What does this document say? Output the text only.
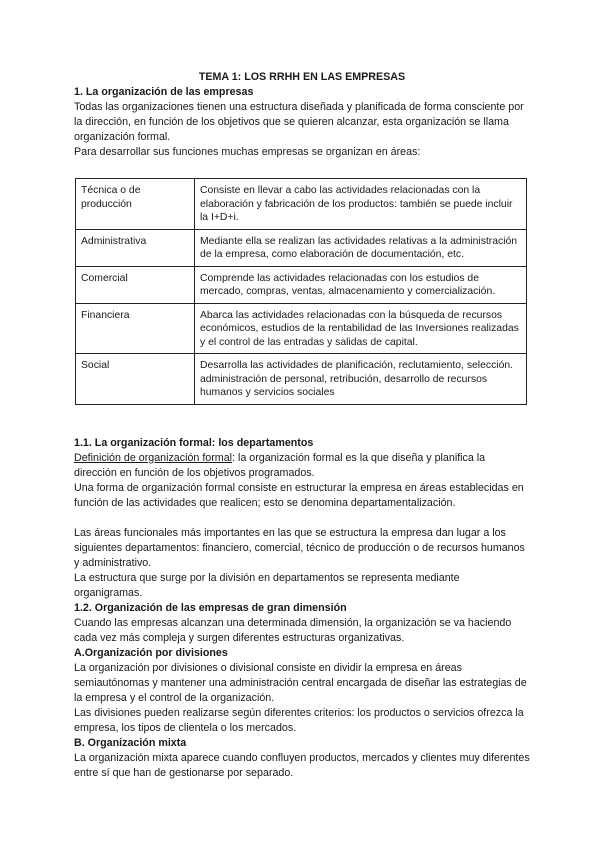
TEMA 1: LOS RRHH EN LAS EMPRESAS

1. La organización de las empresas

Todas las organizaciones tienen una estructura diseñada y planificada de forma consciente por la dirección, en función de los objetivos que se quieren alcanzar, esta organización se llama organización formal.

Para desarrollar sus funciones muchas empresas se organizan en áreas:

Técnica o de producción	Consiste en llevar a cabo las actividades relacionadas con la elaboración y fabricación de los productos: también se puede incluir la I+D+i.
Administrativa	Mediante ella se realizan las actividades relativas a la administración de la empresa, como elaboración de documentación, etc.
Comercial	Comprende las actividades relacionadas con los estudios de mercado, compras, ventas, almacenamiento y comercialización.
Financiera	Abarca las actividades relacionadas con la búsqueda de recursos económicos, estudios de la rentabilidad de las Inversiones realizadas y el control de las entradas y salidas de capital.
Social	Desarrolla las actividades de planificación, reclutamiento, selección. administración de personal, retribución, desarrollo de recursos humanos y servicios sociales
1.1. La organización formal: los departamentos

Definición de organización formal: la organización formal es la que diseña y planifica la dirección en función de los objetivos programados.

Una forma de organización formal consiste en estructurar la empresa en áreas establecidas en función de las actividades que realicen; esto se denomina departamentalización.

Las áreas funcionales más importantes en las que se estructura la empresa dan lugar a los siguientes departamentos: financiero, comercial, técnico de producción o de recursos humanos y administrativo.

La estructura que surge por la división en departamentos se representa mediante organigramas.

1.2. Organización de las empresas de gran dimensión

Cuando las empresas alcanzan una determinada dimensión, la organización se va haciendo cada vez más compleja y surgen diferentes estructuras organizativas.

A.Organización por divisiones

La organización por divisiones o divisional consiste en dividir la empresa en áreas semiautónomas y mantener una administración central encargada de diseñar las estrategias de la empresa y el control de la organización.

Las divisiones pueden realizarse según diferentes criterios: los productos o servicios ofrezca la empresa, los tipos de clientela o los mercados.

B. Organización mixta

La organización mixta aparece cuando confluyen productos, mercados y clientes muy diferentes entre sí que han de gestionarse por separado.
